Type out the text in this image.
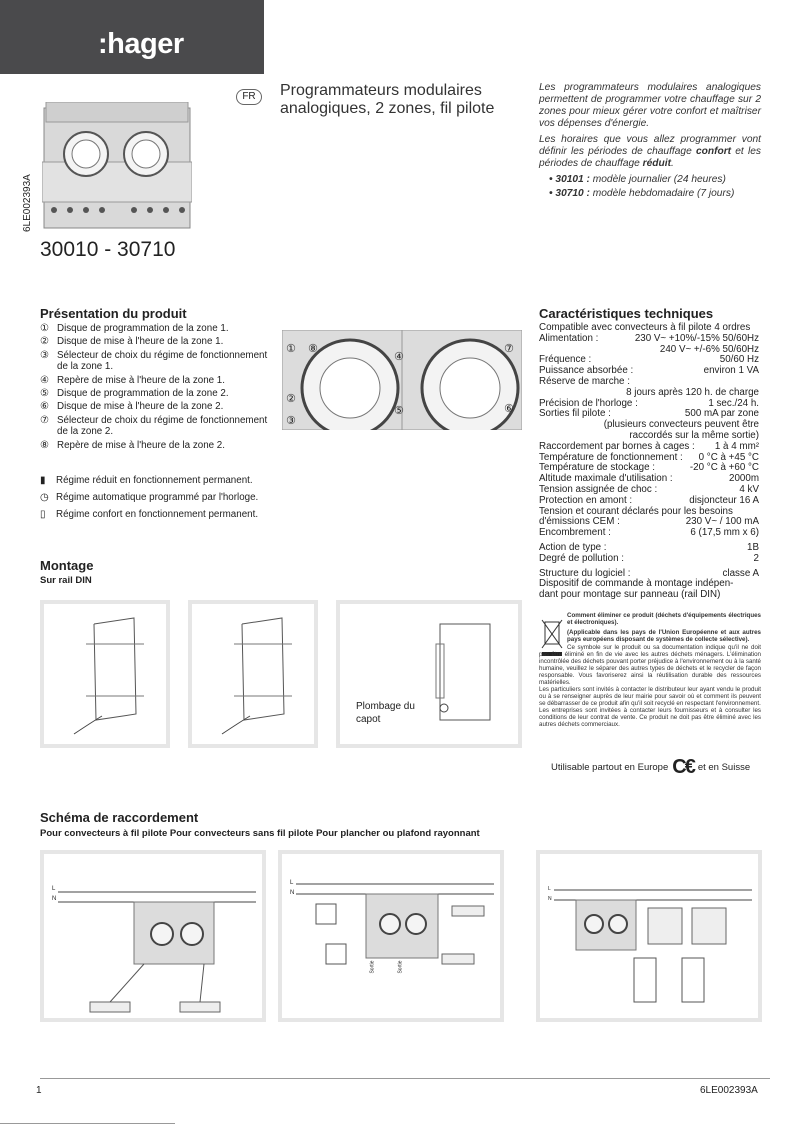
:hager
6LE002393A
30010 - 30710
FR	Programmateurs modulaires analogiques, 2 zones, fil pilote

Les programmateurs modulaires analogiques permettent de programmer votre chauffage sur 2 zones pour mieux gérer votre confort et maîtriser vos dépenses d'énergie.

Les horaires que vous allez programmer vont définir les périodes de chauffage confort et les périodes de chauffage réduit.

• 30101 : modèle journalier (24 heures)

• 30710 : modèle hebdomadaire (7 jours)

Présentation du produit
① Disque de programmation de la zone 1.
② Disque de mise à l'heure de la zone 1.
③ Sélecteur de choix du régime de fonctionnement de la zone 1.
④ Repère de mise à l'heure de la zone 1.
⑤ Disque de programmation de la zone 2.
⑥ Disque de mise à l'heure de la zone 2.
⑦ Sélecteur de choix du régime de fonctionnement de la zone 2.
⑧ Repère de mise à l'heure de la zone 2.
▮	Régime réduit en fonctionnement permanent.
◷ Régime automatique programmé par l'horloge.
▯	Régime confort en fonctionnement permanent.
① ⑧
④
⑦
②
⑤	⑥
③
Caractéristiques techniques
Compatible avec convecteurs à fil pilote 4 ordres
Alimentation :	230 V~ +10%/-15% 50/60Hz
240 V~ +/-6% 50/60Hz
Fréquence :	50/60 Hz
Puissance absorbée :	environ 1 VA
Réserve de marche :
8 jours après 120 h. de charge
Précision de l'horloge :	1 sec./24 h.
Sorties fil pilote :	500 mA par zone
(plusieurs convecteurs peuvent être
raccordés sur la même sortie)
Raccordement par bornes à cages : 1 à 4 mm²
Température de fonctionnement : 0 °C à +45 °C
Température de stockage :	-20 °C à +60 °C
Altitude maximale d'utilisation :	2000m
Tension assignée de choc :	4 kV
Protection en amont :	disjoncteur 16 A
Tension et courant déclarés pour les besoins
d'émissions CEM :	230 V~ / 100 mA
Encombrement :	6 (17,5 mm x 6)
Action de type :	1B
Degré de pollution :	2
Structure du logiciel :	classe A
Dispositif de commande à montage indépen-
dant pour montage sur panneau (rail DIN)
Montage
Sur rail DIN
Plombage du capot
Comment éliminer ce produit (déchets d'équipements électriques et électroniques).
(Applicable dans les pays de l'Union Européenne et aux autres pays européens disposant de systèmes de collecte sélective).
Ce symbole sur le produit ou sa documentation indique qu'il ne doit pas être éliminé en fin de vie avec les autres déchets ménagers. L'élimination incontrôlée des déchets pouvant porter préjudice à l'environnement ou à la santé humaine, veuillez le séparer des autres types de déchets et le recycler de façon responsable. Vous favoriserez ainsi la réutilisation durable des ressources matérielles.
Les particuliers sont invités à contacter le distributeur leur ayant vendu le produit ou à se renseigner auprès de leur mairie pour savoir où et comment ils peuvent se débarrasser de ce produit afin qu'il soit recyclé en respectant l'environnement.
Les entreprises sont invitées à contacter leurs fournisseurs et à consulter les conditions de leur contrat de vente. Ce produit ne doit pas être éliminé avec les autres déchets commerciaux.
Utilisable partout en Europe C€ et en Suisse
Schéma de raccordement
Pour convecteurs à fil pilote Pour convecteurs sans fil pilote Pour plancher ou plafond rayonnant
L
N
L
N
Sortie	Sortie
L
N
1	6LE002393A
